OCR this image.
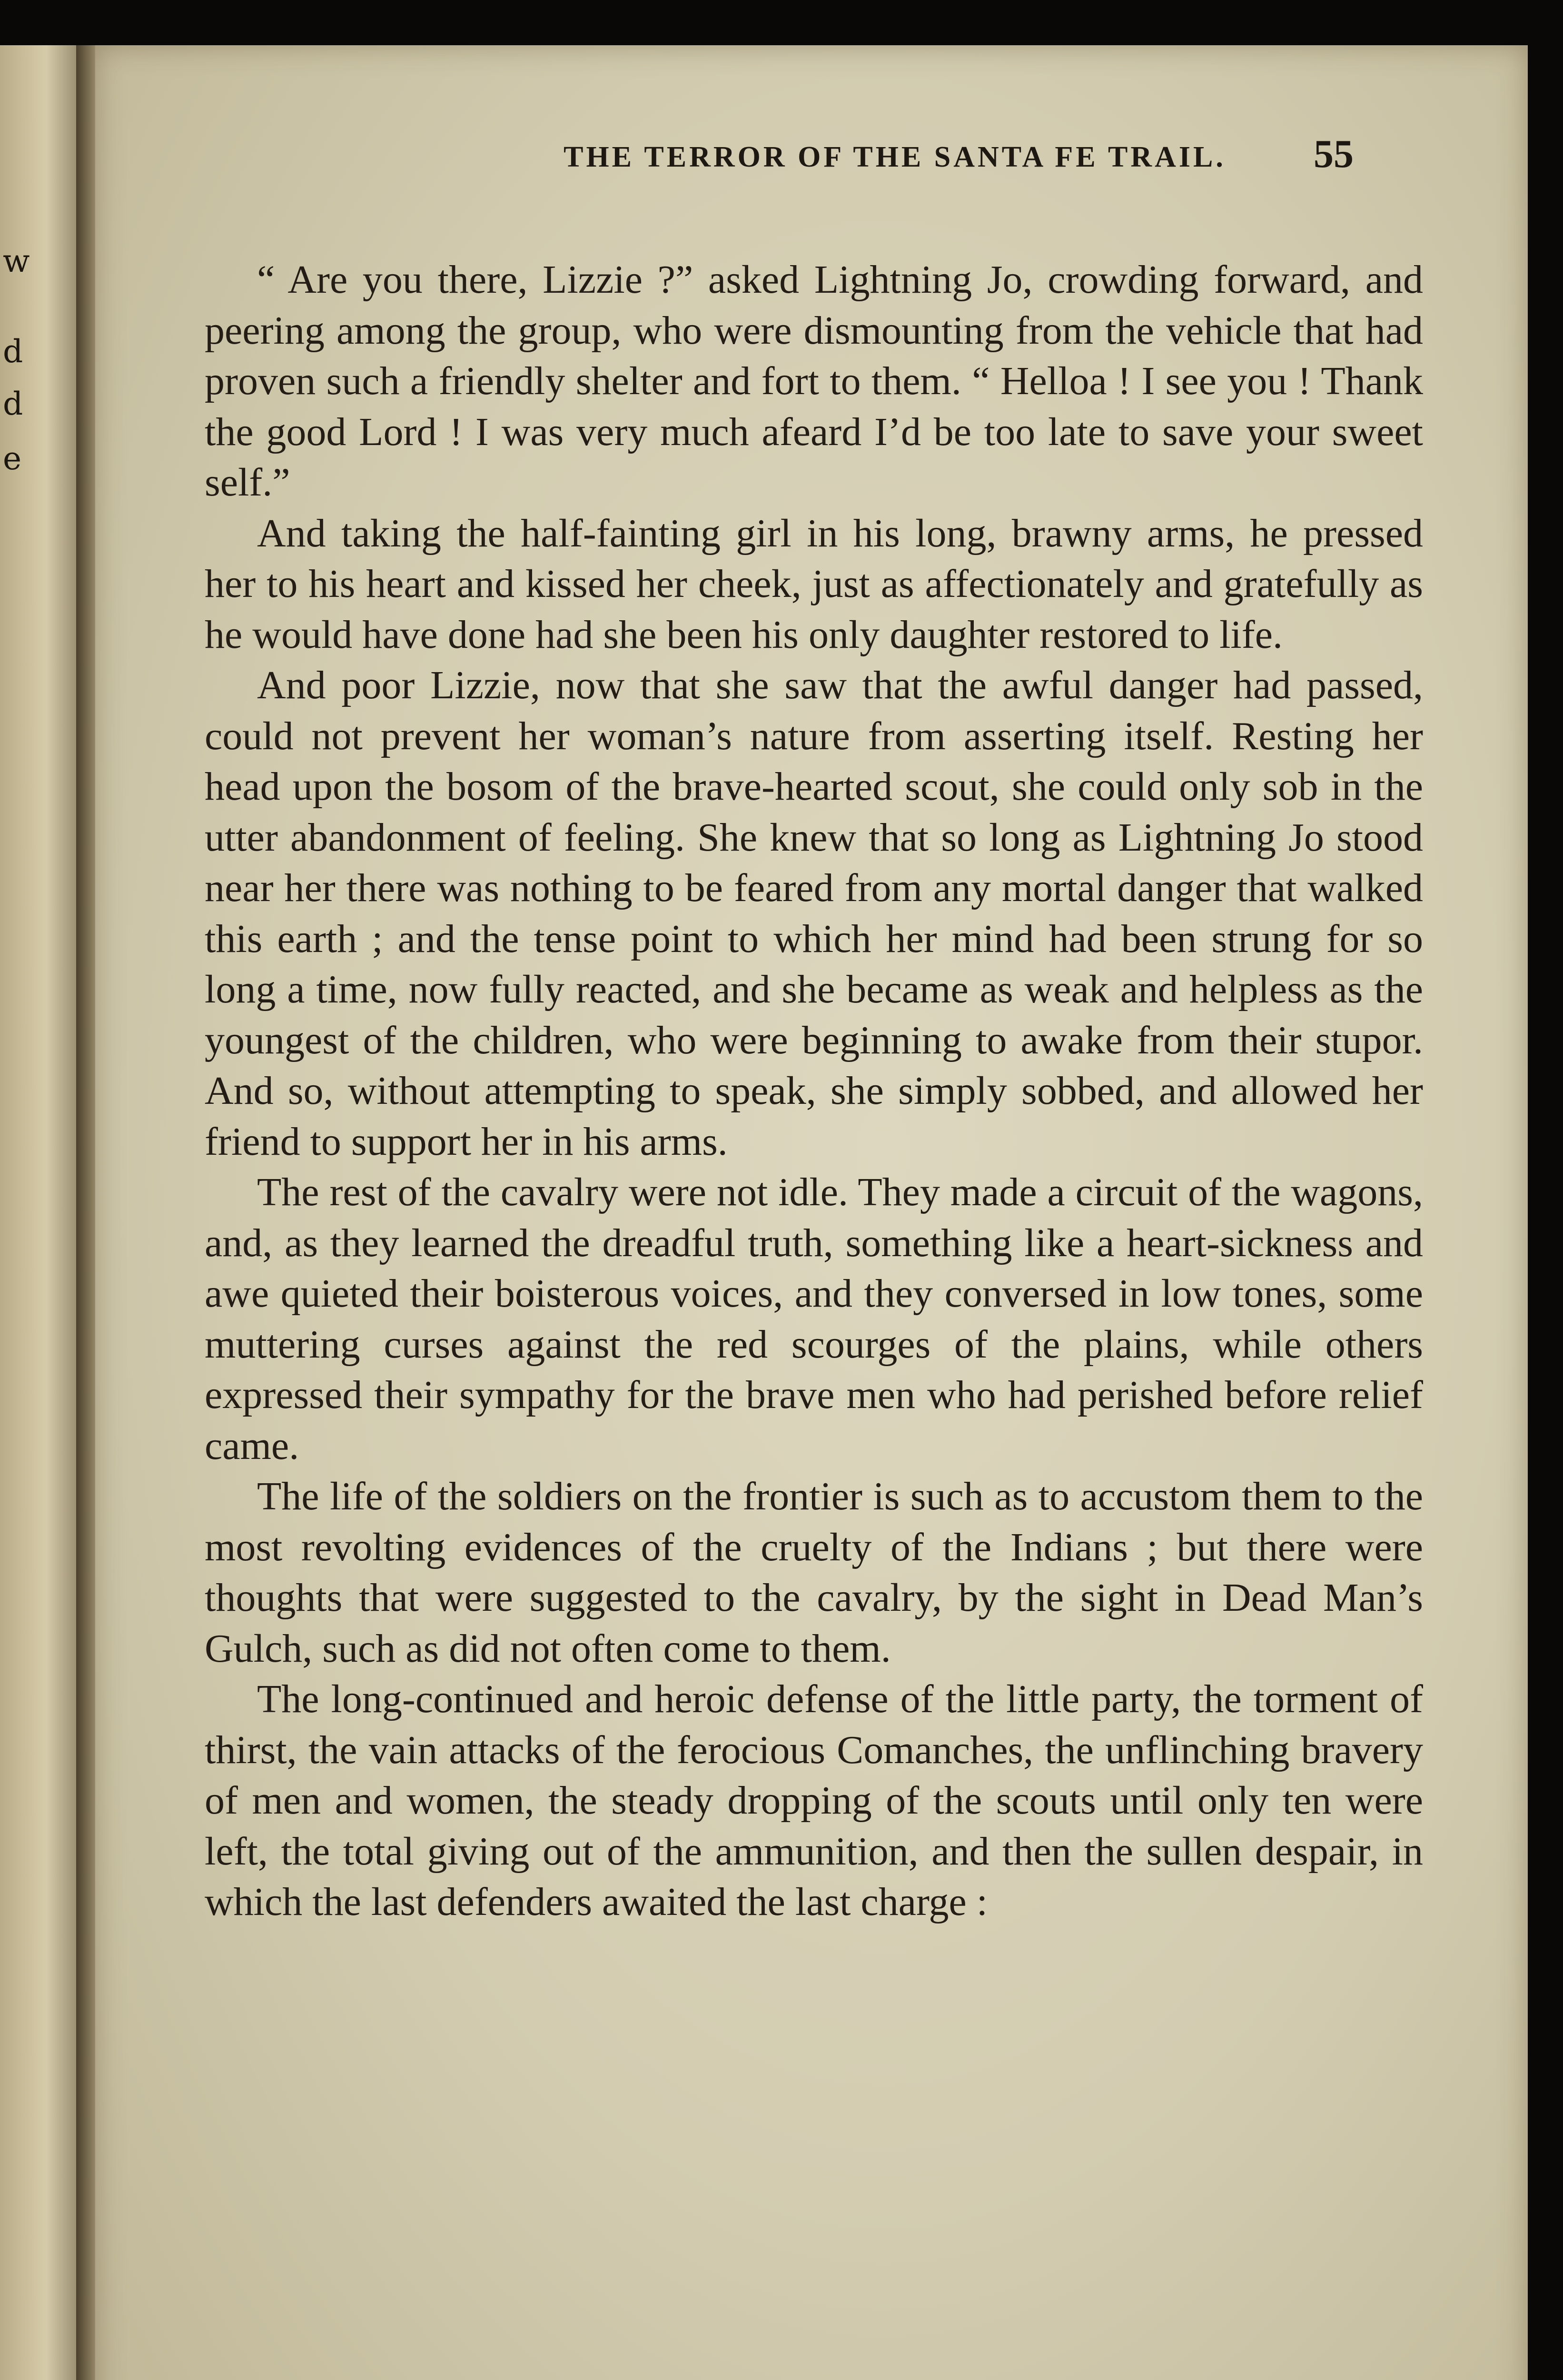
w
d
d
e
THE TERROR OF THE SANTA FE TRAIL.	55

“ Are you there, Lizzie ?” asked Lightning Jo, crowding forward, and peering among the group, who were dismounting from the vehicle that had proven such a friendly shelter and fort to them. “ Helloa ! I see you ! Thank the good Lord ! I was very much afeard I’d be too late to save your sweet self.”

And taking the half-fainting girl in his long, brawny arms, he pressed her to his heart and kissed her cheek, just as affectionately and gratefully as he would have done had she been his only daughter restored to life.

And poor Lizzie, now that she saw that the awful danger had passed, could not prevent her woman’s nature from asserting itself. Resting her head upon the bosom of the brave-hearted scout, she could only sob in the utter abandonment of feeling. She knew that so long as Lightning Jo stood near her there was nothing to be feared from any mortal danger that walked this earth ; and the tense point to which her mind had been strung for so long a time, now fully reacted, and she became as weak and helpless as the youngest of the children, who were beginning to awake from their stupor. And so, without attempting to speak, she simply sobbed, and allowed her friend to support her in his arms.

The rest of the cavalry were not idle. They made a circuit of the wagons, and, as they learned the dreadful truth, something like a heart-sickness and awe quieted their boisterous voices, and they conversed in low tones, some muttering curses against the red scourges of the plains, while others expressed their sympathy for the brave men who had perished before relief came.

The life of the soldiers on the frontier is such as to accustom them to the most revolting evidences of the cruelty of the Indians ; but there were thoughts that were suggested to the cavalry, by the sight in Dead Man’s Gulch, such as did not often come to them.

The long-continued and heroic defense of the little party, the torment of thirst, the vain attacks of the ferocious Comanches, the unflinching bravery of men and women, the steady dropping of the scouts until only ten were left, the total giving out of the ammunition, and then the sullen despair, in which the last defenders awaited the last charge :
